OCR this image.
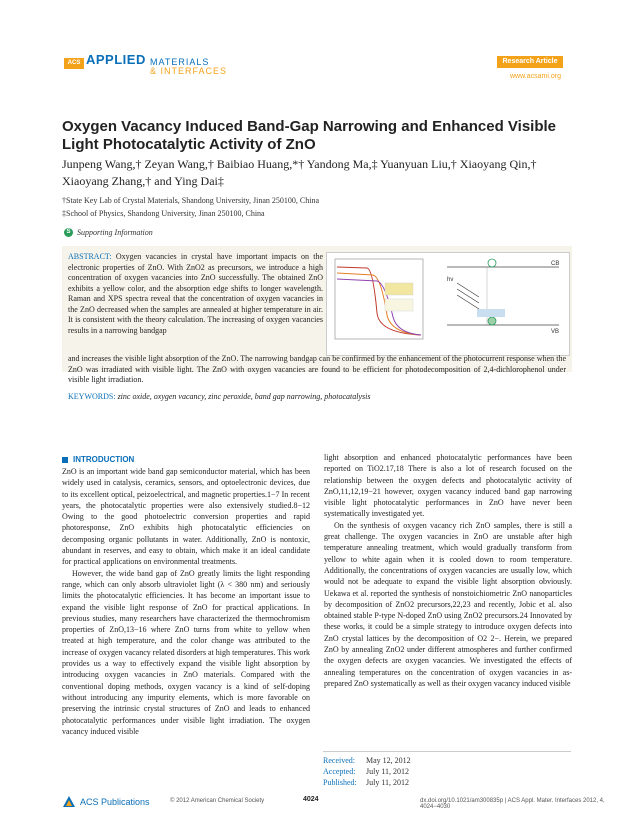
ACS APPLIED MATERIALS
& INTERFACES
Research Article
www.acsami.org
Oxygen Vacancy Induced Band-Gap Narrowing and Enhanced Visible Light Photocatalytic Activity of ZnO
Junpeng Wang,† Zeyan Wang,† Baibiao Huang,*† Yandong Ma,‡ Yuanyuan Liu,† Xiaoyang Qin,† Xiaoyang Zhang,† and Ying Dai‡
†State Key Lab of Crystal Materials, Shandong University, Jinan 250100, China
‡School of Physics, Shandong University, Jinan 250100, China
S Supporting Information
ABSTRACT: Oxygen vacancies in crystal have important impacts on the electronic properties of ZnO. With ZnO2 as precursors, we introduce a high concentration of oxygen vacancies into ZnO successfully. The obtained ZnO exhibits a yellow color, and the absorption edge shifts to longer wavelength. Raman and XPS spectra reveal that the concentration of oxygen vacancies in the ZnO decreased when the samples are annealed at higher temperature in air. It is consistent with the theory calculation. The increasing of oxygen vacancies results in a narrowing bandgap
CB
VB
hν
and increases the visible light absorption of the ZnO. The narrowing bandgap can be confirmed by the enhancement of the photocurrent response when the ZnO was irradiated with visible light. The ZnO with oxygen vacancies are found to be efficient for photodecomposition of 2,4-dichlorophenol under visible light irradiation.
KEYWORDS: zinc oxide, oxygen vacancy, zinc peroxide, band gap narrowing, photocatalysis
INTRODUCTION

ZnO is an important wide band gap semiconductor material, which has been widely used in catalysis, ceramics, sensors, and optoelectronic devices, due to its excellent optical, peizoelectrical, and magnetic properties.1−7 In recent years, the photocatalytic properties were also extensively studied.8−12 Owing to the good photoelectric conversion properties and rapid photoresponse, ZnO exhibits high photocatalytic efficiencies on decomposing organic pollutants in water. Additionally, ZnO is nontoxic, abundant in reserves, and easy to obtain, which make it an ideal candidate for practical applications on environmental treatments.

However, the wide band gap of ZnO greatly limits the light responding range, which can only absorb ultraviolet light (λ < 380 nm) and seriously limits the photocatalytic efficiencies. It has become an important issue to expand the visible light response of ZnO for practical applications. In previous studies, many researchers have characterized the thermochromism properties of ZnO,13−16 where ZnO turns from white to yellow when treated at high temperature, and the color change was attributed to the increase of oxygen vacancy related disorders at high temperatures. This work provides us a way to effectively expand the visible light absorption by introducing oxygen vacancies in ZnO materials. Compared with the conventional doping methods, oxygen vacancy is a kind of self-doping without introducing any impurity elements, which is more favorable on preserving the intrinsic crystal structures of ZnO and leads to enhanced photocatalytic performances under visible light irradiation. The oxygen vacancy induced visible

light absorption and enhanced photocatalytic performances have been reported on TiO2.17,18 There is also a lot of research focused on the relationship between the oxygen defects and photocatalytic activity of ZnO,11,12,19−21 however, oxygen vacancy induced band gap narrowing visible light photocatalytic performances in ZnO have never been systematically investigated yet.

On the synthesis of oxygen vacancy rich ZnO samples, there is still a great challenge. The oxygen vacancies in ZnO are unstable after high temperature annealing treatment, which would gradually transform from yellow to white again when it is cooled down to room temperature. Additionally, the concentrations of oxygen vacancies are usually low, which would not be adequate to expand the visible light absorption obviously. Uekawa et al. reported the synthesis of nonstoichiometric ZnO nanoparticles by decomposition of ZnO2 precursors,22,23 and recently, Jobic et al. also obtained stable P-type N-doped ZnO using ZnO2 precursors.24 Innovated by these works, it could be a simple strategy to introduce oxygen defects into ZnO crystal lattices by the decomposition of O2 2−. Herein, we prepared ZnO by annealing ZnO2 under different atmospheres and further confirmed the oxygen defects are oxygen vacancies. We investigated the effects of annealing temperatures on the concentration of oxygen vacancies in as-prepared ZnO systematically as well as their oxygen vacancy induced visible

Received: May 12, 2012
Accepted: July 11, 2012
Published: July 11, 2012
ACS Publications	© 2012 American Chemical Society	4024	dx.doi.org/10.1021/am300835p | ACS Appl. Mater. Interfaces 2012, 4, 4024−4030
